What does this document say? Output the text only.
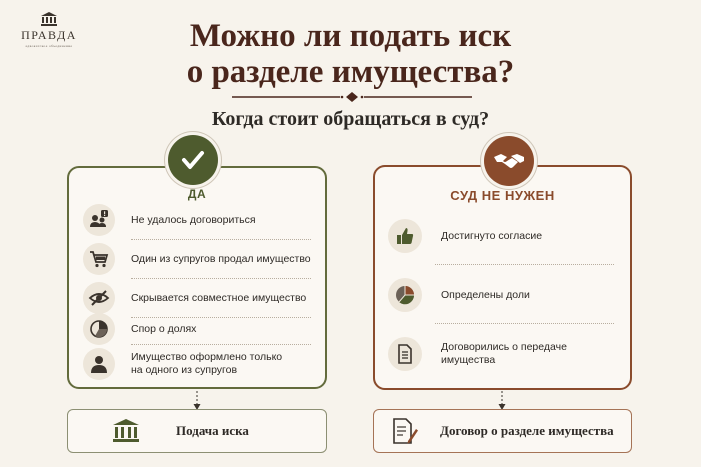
ПРАВДА
адвокатское объединение	Можно ли подать иск
о разделе имущества?
Когда стоит обращаться в суд?
ДА
Не удалось договориться
Один из супругов продал имущество
Скрывается совместное имущество
Спор о долях
Имущество оформлено только
на одного из супругов
СУД НЕ НУЖЕН
Достигнуто согласие
Определены доли
Договорились о передаче имущества
Подача иска	Договор о разделе имущества
